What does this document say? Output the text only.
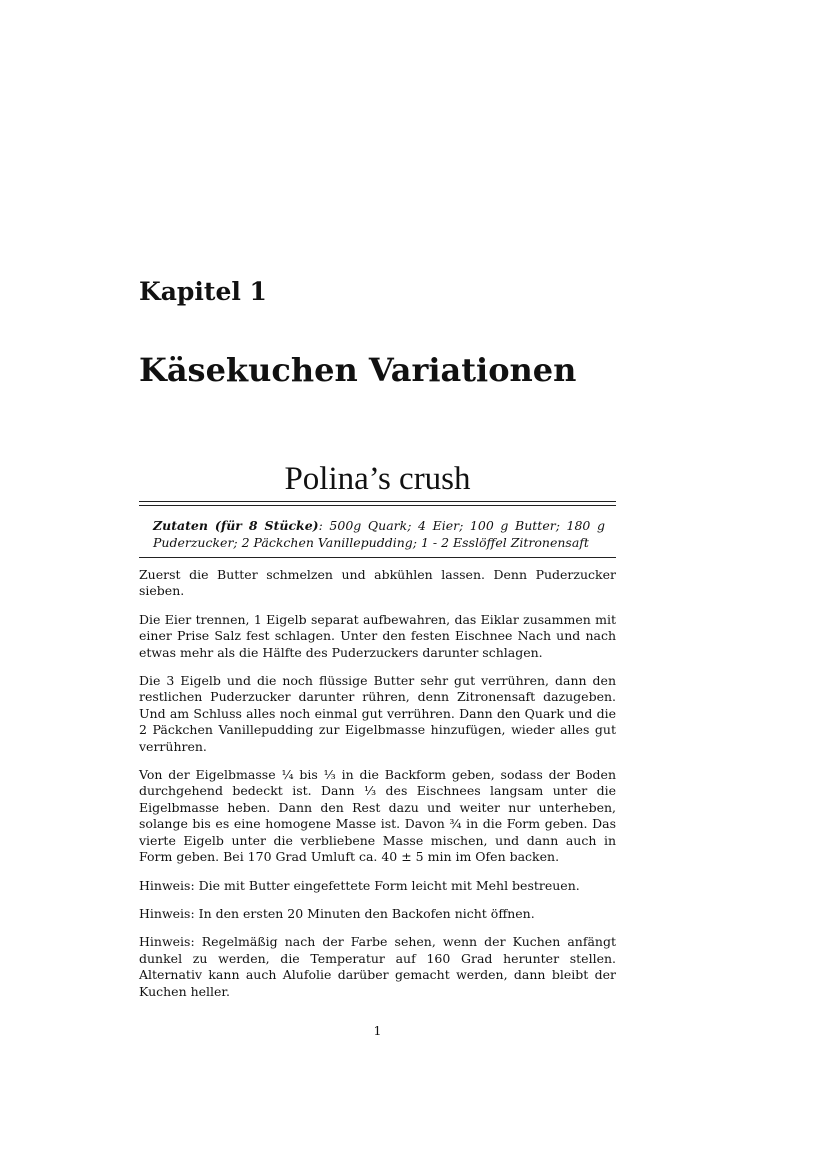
Kapitel 1
Käsekuchen Variationen
Polina’s crush
Zutaten (für 8 Stücke): 500g Quark; 4 Eier; 100 g Butter; 180 g Puderzucker; 2 Päckchen Vanillepudding; 1 - 2 Esslöffel Zitronensaft

Zuerst die Butter schmelzen und abkühlen lassen. Denn Puderzucker sieben.

Die Eier trennen, 1 Eigelb separat aufbewahren, das Eiklar zusammen mit einer Prise Salz fest schlagen. Unter den festen Eischnee Nach und nach etwas mehr als die Hälfte des Puderzuckers darunter schlagen.

Die 3 Eigelb und die noch flüssige Butter sehr gut verrühren, dann den restlichen Puderzucker darunter rühren, denn Zitronensaft dazugeben. Und am Schluss alles noch einmal gut verrühren. Dann den Quark und die 2 Päckchen Vanillepudding zur Eigelbmasse hinzufügen, wieder alles gut verrühren.

Von der Eigelbmasse ¼ bis ⅓ in die Backform geben, sodass der Boden durchgehend bedeckt ist. Dann ⅓ des Eischnees langsam unter die Eigelbmasse heben. Dann den Rest dazu und weiter nur unterheben, solange bis es eine homogene Masse ist. Davon ¾ in die Form geben. Das vierte Eigelb unter die verbliebene Masse mischen, und dann auch in Form geben. Bei 170 Grad Umluft ca. 40 ± 5 min im Ofen backen.

Hinweis: Die mit Butter eingefettete Form leicht mit Mehl bestreuen.

Hinweis: In den ersten 20 Minuten den Backofen nicht öffnen.

Hinweis: Regelmäßig nach der Farbe sehen, wenn der Kuchen anfängt dunkel zu werden, die Temperatur auf 160 Grad herunter stellen. Alternativ kann auch Alufolie darüber gemacht werden, dann bleibt der Kuchen heller.

1
